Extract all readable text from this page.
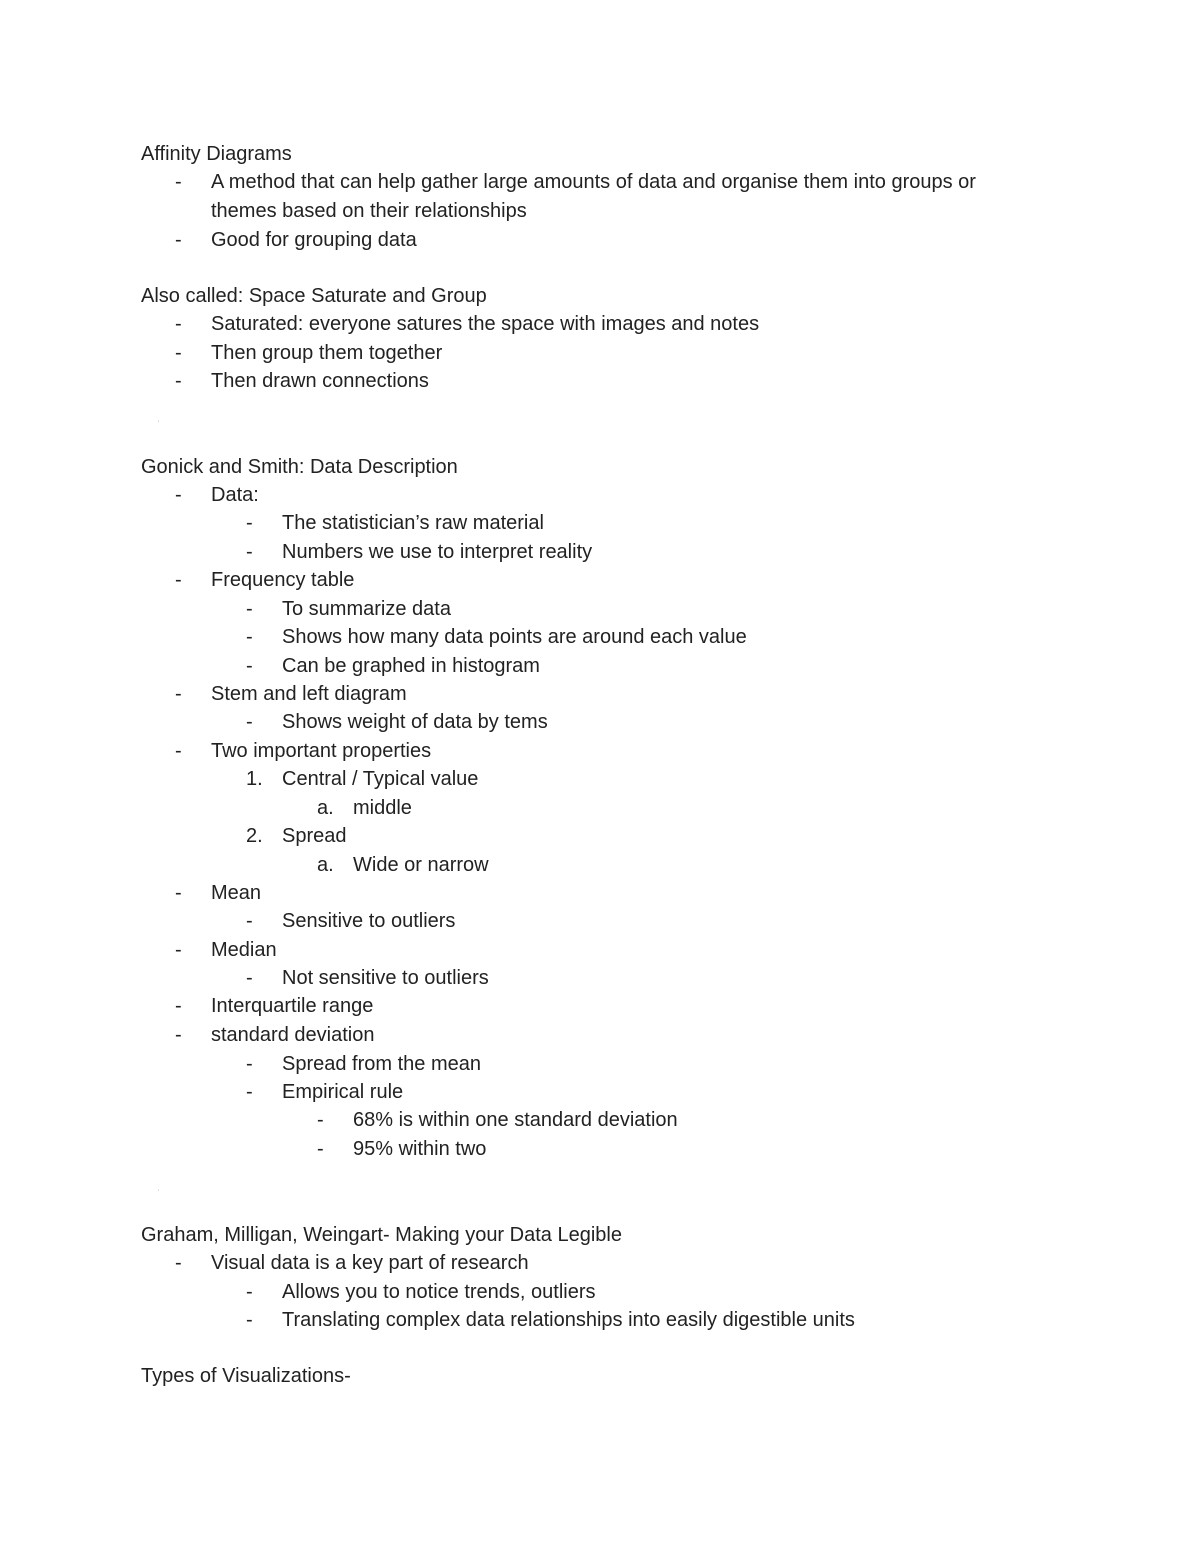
Affinity Diagrams
- A method that can help gather large amounts of data and organise them into groups or
themes based on their relationships
- Good for grouping data
Also called: Space Saturate and Group
- Saturated: everyone satures the space with images and notes
- Then group them together
- Then drawn connections
ˈ
Gonick and Smith: Data Description
- Data:
- The statistician’s raw material
- Numbers we use to interpret reality
- Frequency table
- To summarize data
- Shows how many data points are around each value
- Can be graphed in histogram
- Stem and left diagram
- Shows weight of data by tems
- Two important properties
1. Central / Typical value
a. middle
2. Spread
a. Wide or narrow
- Mean
- Sensitive to outliers
- Median
- Not sensitive to outliers
- Interquartile range
- standard deviation
- Spread from the mean
- Empirical rule
- 68% is within one standard deviation
- 95% within two
ˈ
Graham, Milligan, Weingart- Making your Data Legible
- Visual data is a key part of research
- Allows you to notice trends, outliers
- Translating complex data relationships into easily digestible units
Types of Visualizations-
